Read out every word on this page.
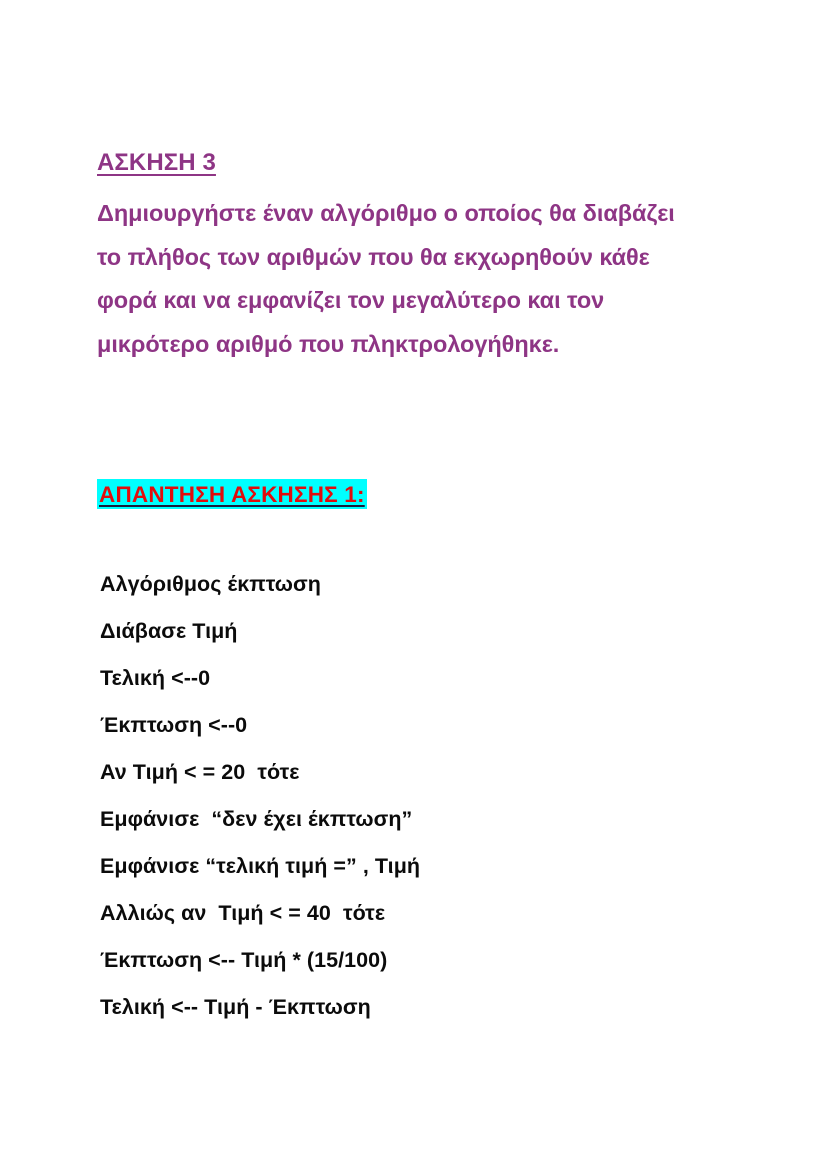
ΑΣΚΗΣΗ 3

Δημιουργήστε έναν αλγόριθμο ο οποίος θα διαβάζει το πλήθος των αριθμών που θα εκχωρηθούν κάθε φορά και να εμφανίζει τον μεγαλύτερο και τον μικρότερο αριθμό που πληκτρολογήθηκε.

ΑΠΑΝΤΗΣΗ ΑΣΚΗΣΗΣ 1:
Αλγόριθμος έκπτωση
Διάβασε Τιμή
Τελική <--0
Έκπτωση <--0
Αν Τιμή < = 20  τότε
Εμφάνισε  “δεν έχει έκπτωση”
Εμφάνισε “τελική τιμή =” , Τιμή
Αλλιώς αν  Τιμή < = 40  τότε
Έκπτωση <-- Τιμή * (15/100)
Τελική <-- Τιμή - Έκπτωση
